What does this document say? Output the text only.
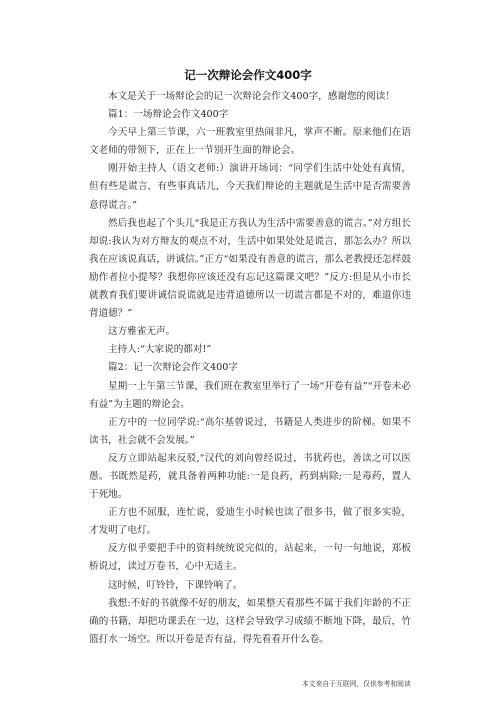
记一次辩论会作文400字

本文是关于一场辩论会的记一次辩论会作文400字，感谢您的阅读！

篇1：一场辩论会作文400字

今天早上第三节课，六一班教室里热闹非凡，掌声不断。原来他们在语文老师的带领下，正在上一节别开生面的辩论会。

刚开始主持人（语文老师:）演讲开场词：“同学们生活中处处有真情，但有些是谎言，有些事真话儿，今天我们辩论的主题就是生活中是否需要善意得谎言。”

然后我也起了个头儿“我是正方我认为生活中需要善意的谎言。”对方组长却说:我认为对方辩友的观点不对，生活中如果处处是谎言，那怎么办？所以我在应该说真话，讲诚信。”正方“如果没有善意的谎言，那么老教授还怎样鼓励作者拉小提琴？我想你应该还没有忘记这篇课文吧？”反方:但是从小市长就教育我们要讲诚信说谎就是违背道德所以一切谎言都是不对的，难道你违背道德？”

这方雅雀无声。

主持人:“大家说的都对!”

篇2：记一次辩论会作文400字

星期一上午第三节课，我们班在教室里举行了一场“开卷有益”“开卷未必有益”为主题的辩论会。

正方中的一位同学说:“高尔基曾说过，书籍是人类进步的阶梯。如果不读书，社会就不会发展。”

反方立即站起来反驳,“汉代的刘向曾经说过，书犹药也，善读之可以医愚。书既然是药，就具备着两种功能:一是良药，药到病除;一是毒药，置人于死地。

正方也不屈服，连忙说，爱迪生小时候也读了很多书，做了很多实验，才发明了电灯。

反方似乎要把手中的资料统统说完似的，站起来，一句一句地说，郑板桥说过，读过万卷书，心中无适主。

这时候，叮铃铃，下课铃响了。

我想:不好的书就像不好的朋友，如果整天看那些不属于我们年龄的不正确的书籍，却把功课丢在一边，这样会导致学习成绩不断地下降，最后，竹篮打水一场空。所以开卷是否有益，得先看看开什么卷。

本文来自于互联网，仅供参考和阅读
